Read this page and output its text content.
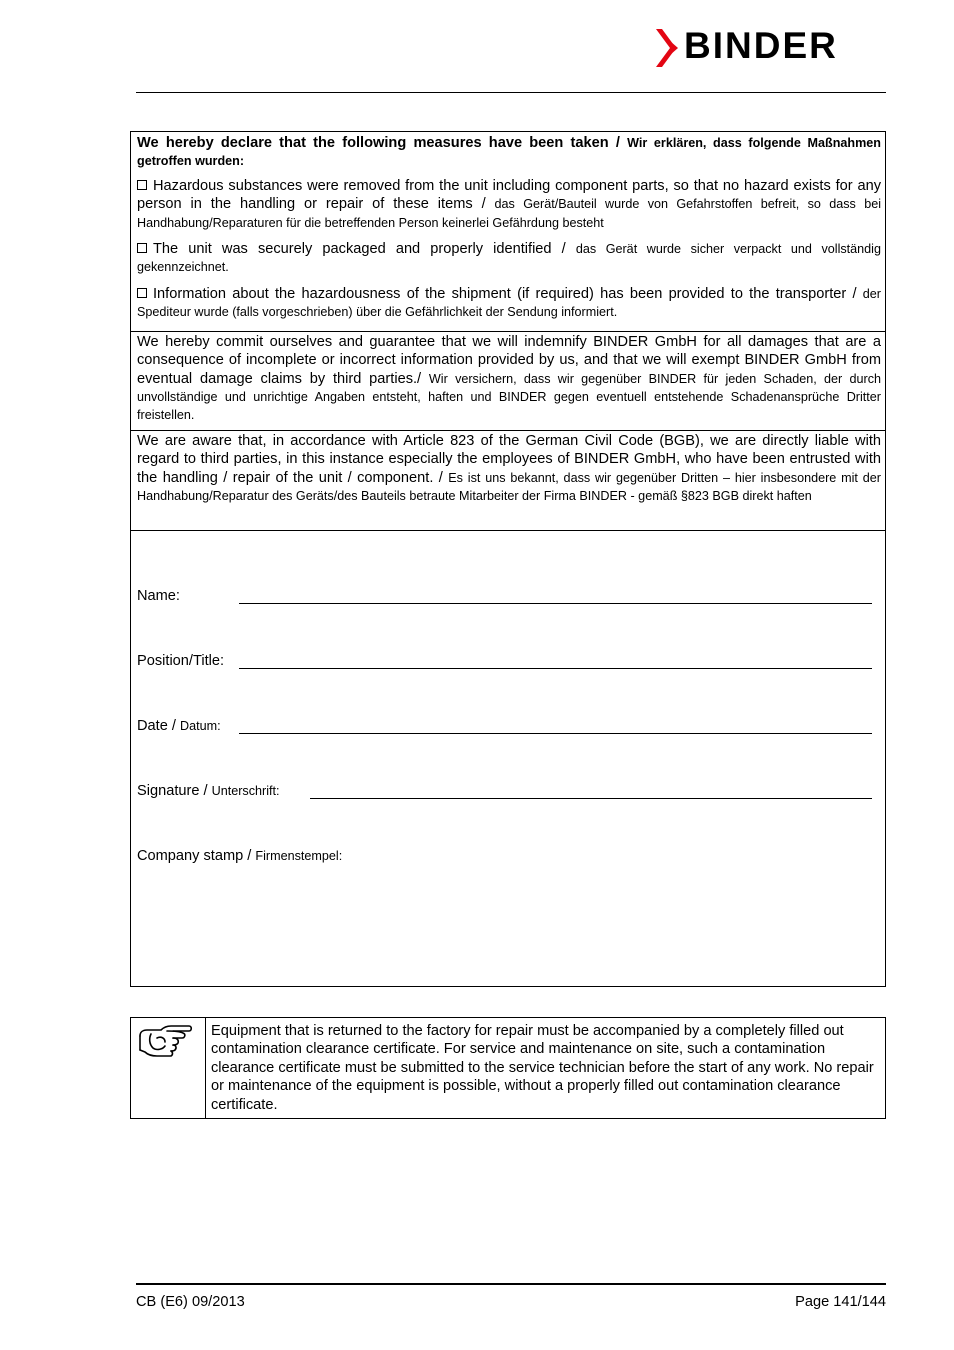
BINDER

We hereby declare that the following measures have been taken / Wir erklären, dass folgende Maßnahmen getroffen wurden:

Hazardous substances were removed from the unit including component parts, so that no hazard exists for any person in the handling or repair of these items / das Gerät/Bauteil wurde von Gefahrstoffen befreit, so dass bei Handhabung/Reparaturen für die betreffenden Person keinerlei Gefährdung besteht
The unit was securely packaged and properly identified / das Gerät wurde sicher verpackt und vollständig gekennzeichnet.
Information about the hazardousness of the shipment (if required) has been provided to the transporter / der Spediteur wurde (falls vorgeschrieben) über die Gefährlichkeit der Sendung informiert.

We hereby commit ourselves and guarantee that we will indemnify BINDER GmbH for all damages that are a consequence of incomplete or incorrect information provided by us, and that we will exempt BINDER GmbH from eventual damage claims by third parties./ Wir versichern, dass wir gegenüber BINDER für jeden Schaden, der durch unvollständige und unrichtige Angaben entsteht, haften und BINDER gegen eventuell entstehende Schadenansprüche Dritter freistellen.

We are aware that, in accordance with Article 823 of the German Civil Code (BGB), we are directly liable with regard to third parties, in this instance especially the employees of BINDER GmbH, who have been entrusted with the handling / repair of the unit / component. / Es ist uns bekannt, dass wir gegenüber Dritten – hier insbesondere mit der Handhabung/Reparatur des Geräts/des Bauteils betraute Mitarbeiter der Firma BINDER - gemäß §823 BGB direkt haften

Name:
Position/Title:
Date / Datum:
Signature / Unterschrift:
Company stamp / Firmenstempel:

Equipment that is returned to the factory for repair must be accompanied by a completely filled out contamination clearance certificate. For service and maintenance on site, such a contamination clearance certificate must be submitted to the service technician before the start of any work. No repair or maintenance of the equipment is possible, without a properly filled out contamination clearance certificate.

CB (E6) 09/2013	Page 141/144
